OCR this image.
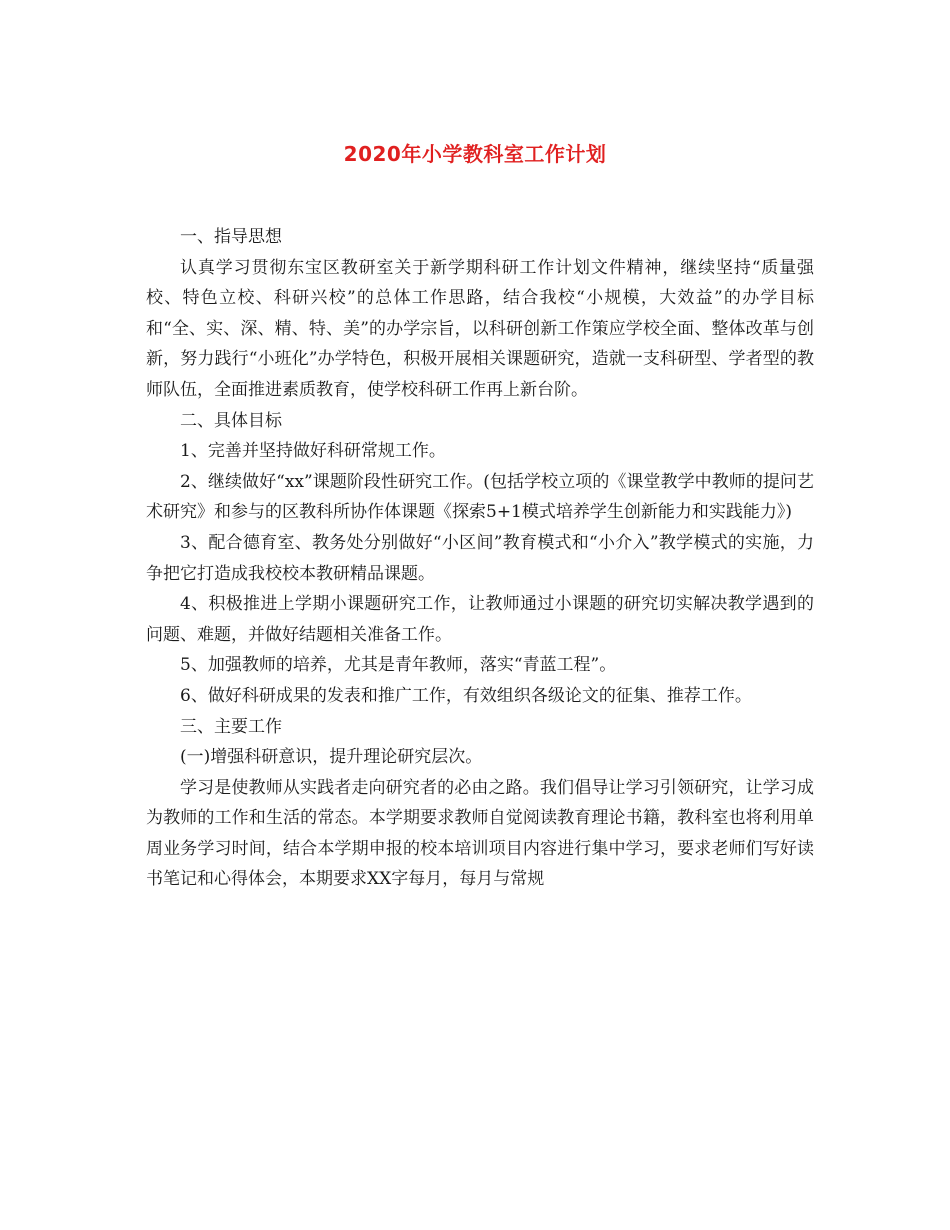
2020年小学教科室工作计划

一、指导思想

认真学习贯彻东宝区教研室关于新学期科研工作计划文件精神，继续坚持“质量强校、特色立校、科研兴校”的总体工作思路，结合我校“小规模，大效益”的办学目标和“全、实、深、精、特、美”的办学宗旨，以科研创新工作策应学校全面、整体改革与创新，努力践行“小班化”办学特色，积极开展相关课题研究，造就一支科研型、学者型的教师队伍，全面推进素质教育，使学校科研工作再上新台阶。

二、具体目标

1、完善并坚持做好科研常规工作。

2、继续做好“xx”课题阶段性研究工作。(包括学校立项的《课堂教学中教师的提问艺术研究》和参与的区教科所协作体课题《探索5+1模式培养学生创新能力和实践能力》)

3、配合德育室、教务处分别做好“小区间”教育模式和“小介入”教学模式的实施，力争把它打造成我校校本教研精品课题。

4、积极推进上学期小课题研究工作，让教师通过小课题的研究切实解决教学遇到的问题、难题，并做好结题相关准备工作。

5、加强教师的培养，尤其是青年教师，落实“青蓝工程”。

6、做好科研成果的发表和推广工作，有效组织各级论文的征集、推荐工作。

三、主要工作

(一)增强科研意识，提升理论研究层次。

学习是使教师从实践者走向研究者的必由之路。我们倡导让学习引领研究，让学习成为教师的工作和生活的常态。本学期要求教师自觉阅读教育理论书籍，教科室也将利用单周业务学习时间，结合本学期申报的校本培训项目内容进行集中学习，要求老师们写好读书笔记和心得体会，本期要求XX字每月，每月与常规
